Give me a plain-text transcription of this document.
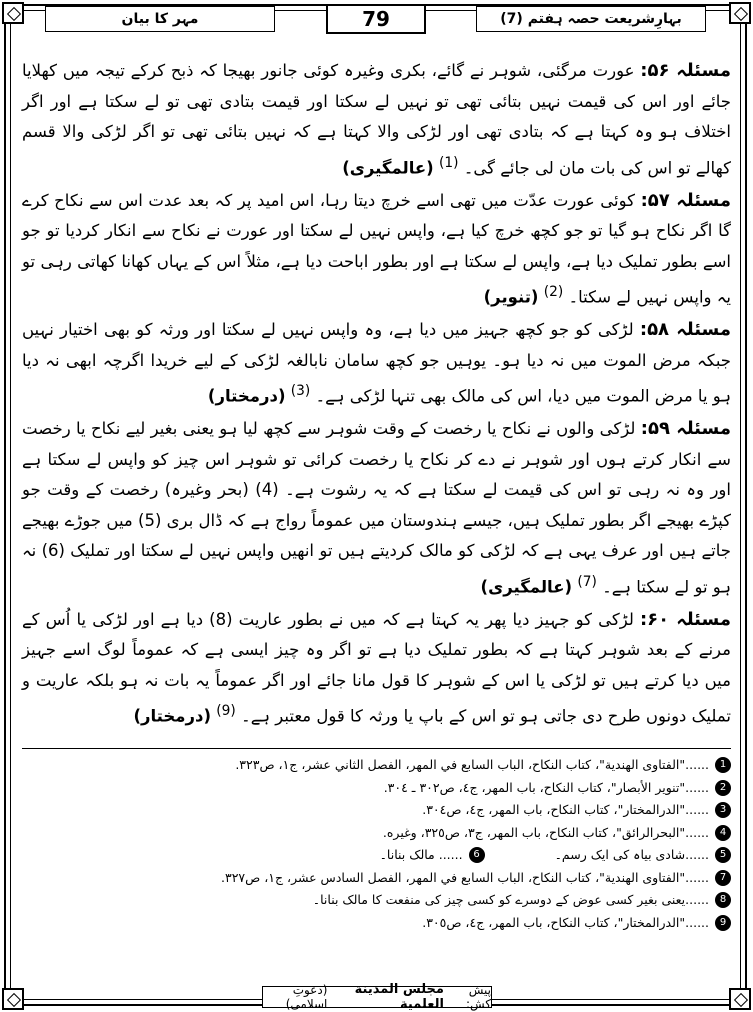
بہارِشریعت حصہ ہفتم (7)
79
مہر کا بیان

مسئلہ ۵۶: عورت مرگئی، شوہر نے گائے، بکری وغیرہ کوئی جانور بھیجا کہ ذبح کرکے تیجہ میں کھلایا جائے اور اس کی قیمت نہیں بتائی تھی تو نہیں لے سکتا اور قیمت بتادی تھی تو لے سکتا ہے اور اگر اختلاف ہو وہ کہتا ہے کہ بتادی تھی اور لڑکی والا کہتا ہے کہ نہیں بتائی تھی تو اگر لڑکی والا قسم کھالے تو اس کی بات مان لی جائے گی۔ $^{(1)}$ (عالمگیری)

مسئلہ ۵۷: کوئی عورت عدّت میں تھی اسے خرچ دیتا رہا، اس امید پر کہ بعد عدت اس سے نکاح کرے گا اگر نکاح ہو گیا تو جو کچھ خرچ کیا ہے، واپس نہیں لے سکتا اور عورت نے نکاح سے انکار کردیا تو جو اسے بطور تملیک دیا ہے، واپس لے سکتا ہے اور بطور اباحت دیا ہے، مثلاً اس کے یہاں کھانا کھاتی رہی تو یہ واپس نہیں لے سکتا۔ $^{(2)}$ (تنویر)

مسئلہ ۵۸: لڑکی کو جو کچھ جہیز میں دیا ہے، وہ واپس نہیں لے سکتا اور ورثہ کو بھی اختیار نہیں جبکہ مرض الموت میں نہ دیا ہو۔ یوہیں جو کچھ سامان نابالغہ لڑکی کے لیے خریدا اگرچہ ابھی نہ دیا ہو یا مرض الموت میں دیا، اس کی مالک بھی تنہا لڑکی ہے۔ $^{(3)}$ (درمختار)

مسئلہ ۵۹: لڑکی والوں نے نکاح یا رخصت کے وقت شوہر سے کچھ لیا ہو یعنی بغیر لیے نکاح یا رخصت سے انکار کرتے ہوں اور شوہر نے دے کر نکاح یا رخصت کرائی تو شوہر اس چیز کو واپس لے سکتا ہے اور وہ نہ رہی تو اس کی قیمت لے سکتا ہے کہ یہ رشوت ہے۔ (4) (بحر وغیرہ) رخصت کے وقت جو کپڑے بھیجے اگر بطور تملیک ہیں، جیسے ہندوستان میں عموماً رواج ہے کہ ڈال بری (5) میں جوڑے بھیجے جاتے ہیں اور عرف یہی ہے کہ لڑکی کو مالک کردیتے ہیں تو انھیں واپس نہیں لے سکتا اور تملیک (6) نہ ہو تو لے سکتا ہے۔ $^{(7)}$ (عالمگیری)

مسئلہ ۶۰: لڑکی کو جہیز دیا پھر یہ کہتا ہے کہ میں نے بطور عاریت (8) دیا ہے اور لڑکی یا اُس کے مرنے کے بعد شوہر کہتا ہے کہ بطور تملیک دیا ہے تو اگر وہ چیز ایسی ہے کہ عموماً لوگ اسے جہیز میں دیا کرتے ہیں تو لڑکی یا اس کے شوہر کا قول مانا جائے اور اگر عموماً یہ بات نہ ہو بلکہ عاریت و تملیک دونوں طرح دی جاتی ہو تو اس کے باپ یا ورثہ کا قول معتبر ہے۔ $^{(9)}$ (درمختار)

1
......"الفتاوى الهندية"، كتاب النكاح، الباب السابع في المهر، الفصل الثاني عشر، ج١، ص٣٢٣.
2
......"تنوير الأبصار"، كتاب النكاح، باب المهر، ج٤، ص٣٠٢ ـ ٣٠٤.
3
......"الدرالمختار"، كتاب النكاح، باب المهر، ج٤، ص٣٠٤.
4
......"البحرالرائق"، كتاب النكاح، باب المهر، ج٣، ص٣٢٥، وغيره.
5
......شادی بیاہ کی ایک رسم۔
6
...... مالک بنانا۔
7
......"الفتاوى الهندية"، كتاب النكاح، الباب السابع في المهر، الفصل السادس عشر، ج١، ص٣٢٧.
8
......یعنی بغیر کسی عوض کے دوسرے کو کسی چیز کی منفعت کا مالک بنانا۔
9
......"الدرالمختار"، كتاب النكاح، باب المهر، ج٤، ص٣٠٥.
پیش کش:
مجلس المدينة العلمية
(دعوتِ اسلامی)
